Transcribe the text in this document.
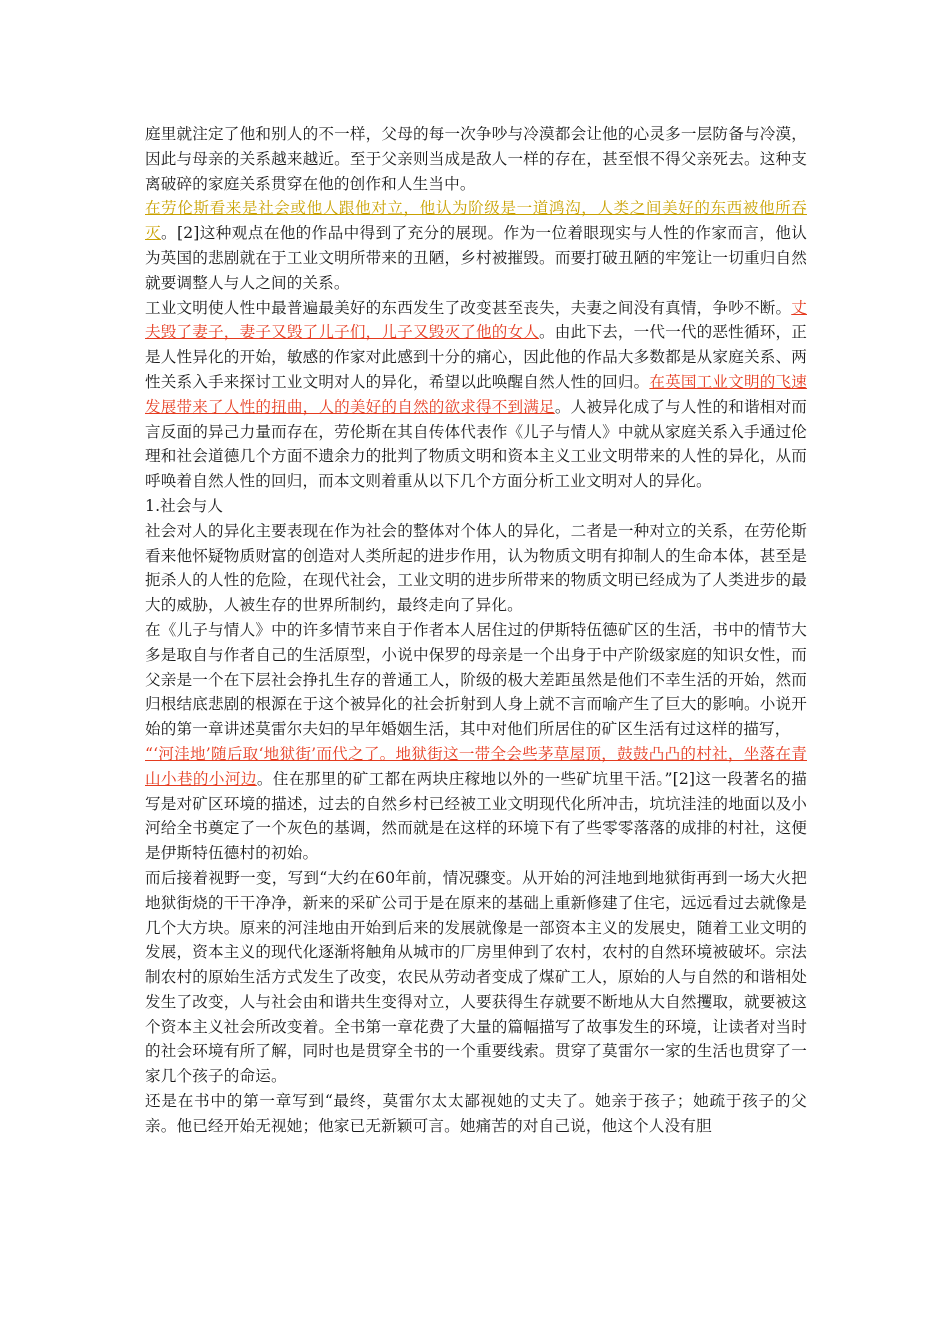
庭里就注定了他和别人的不一样，父母的每一次争吵与冷漠都会让他的心灵多一层防备与冷漠，因此与母亲的关系越来越近。至于父亲则当成是敌人一样的存在，甚至恨不得父亲死去。这种支离破碎的家庭关系贯穿在他的创作和人生当中。

在劳伦斯看来是社会或他人跟他对立，他认为阶级是一道鸿沟，人类之间美好的东西被他所吞灭。[2]这种观点在他的作品中得到了充分的展现。作为一位着眼现实与人性的作家而言，他认为英国的悲剧就在于工业文明所带来的丑陋，乡村被摧毁。而要打破丑陋的牢笼让一切重归自然就要调整人与人之间的关系。

工业文明使人性中最普遍最美好的东西发生了改变甚至丧失，夫妻之间没有真情，争吵不断。丈夫毁了妻子，妻子又毁了儿子们，儿子又毁灭了他的女人。由此下去，一代一代的恶性循环，正是人性异化的开始，敏感的作家对此感到十分的痛心，因此他的作品大多数都是从家庭关系、两性关系入手来探讨工业文明对人的异化，希望以此唤醒自然人性的回归。在英国工业文明的飞速发展带来了人性的扭曲，人的美好的自然的欲求得不到满足。人被异化成了与人性的和谐相对而言反面的异己力量而存在，劳伦斯在其自传体代表作《儿子与情人》中就从家庭关系入手通过伦理和社会道德几个方面不遗余力的批判了物质文明和资本主义工业文明带来的人性的异化，从而呼唤着自然人性的回归，而本文则着重从以下几个方面分析工业文明对人的异化。

1.社会与人

社会对人的异化主要表现在作为社会的整体对个体人的异化，二者是一种对立的关系，在劳伦斯看来他怀疑物质财富的创造对人类所起的进步作用，认为物质文明有抑制人的生命本体，甚至是扼杀人的人性的危险，在现代社会，工业文明的进步所带来的物质文明已经成为了人类进步的最大的威胁，人被生存的世界所制约，最终走向了异化。

在《儿子与情人》中的许多情节来自于作者本人居住过的伊斯特伍德矿区的生活，书中的情节大多是取自与作者自己的生活原型，小说中保罗的母亲是一个出身于中产阶级家庭的知识女性，而父亲是一个在下层社会挣扎生存的普通工人，阶级的极大差距虽然是他们不幸生活的开始，然而归根结底悲剧的根源在于这个被异化的社会折射到人身上就不言而喻产生了巨大的影响。小说开始的第一章讲述莫雷尔夫妇的早年婚姻生活，其中对他们所居住的矿区生活有过这样的描写，

“‘河洼地’随后取‘地狱街’而代之了。地狱街这一带全会些茅草屋顶，鼓鼓凸凸的村社，坐落在青山小巷的小河边。住在那里的矿工都在两块庄稼地以外的一些矿坑里干活。”[2]这一段著名的描写是对矿区环境的描述，过去的自然乡村已经被工业文明现代化所冲击，坑坑洼洼的地面以及小河给全书奠定了一个灰色的基调，然而就是在这样的环境下有了些零零落落的成排的村社，这便是伊斯特伍德村的初始。

而后接着视野一变，写到“大约在60年前，情况骤变。从开始的河洼地到地狱街再到一场大火把地狱街烧的干干净净，新来的采矿公司于是在原来的基础上重新修建了住宅，远远看过去就像是几个大方块。原来的河洼地由开始到后来的发展就像是一部资本主义的发展史，随着工业文明的发展，资本主义的现代化逐渐将触角从城市的厂房里伸到了农村，农村的自然环境被破坏。宗法制农村的原始生活方式发生了改变，农民从劳动者变成了煤矿工人，原始的人与自然的和谐相处发生了改变，人与社会由和谐共生变得对立，人要获得生存就要不断地从大自然攫取，就要被这个资本主义社会所改变着。全书第一章花费了大量的篇幅描写了故事发生的环境，让读者对当时的社会环境有所了解，同时也是贯穿全书的一个重要线索。贯穿了莫雷尔一家的生活也贯穿了一家几个孩子的命运。

还是在书中的第一章写到“最终，莫雷尔太太鄙视她的丈夫了。她亲于孩子；她疏于孩子的父亲。他已经开始无视她；他家已无新颖可言。她痛苦的对自己说，他这个人没有胆
